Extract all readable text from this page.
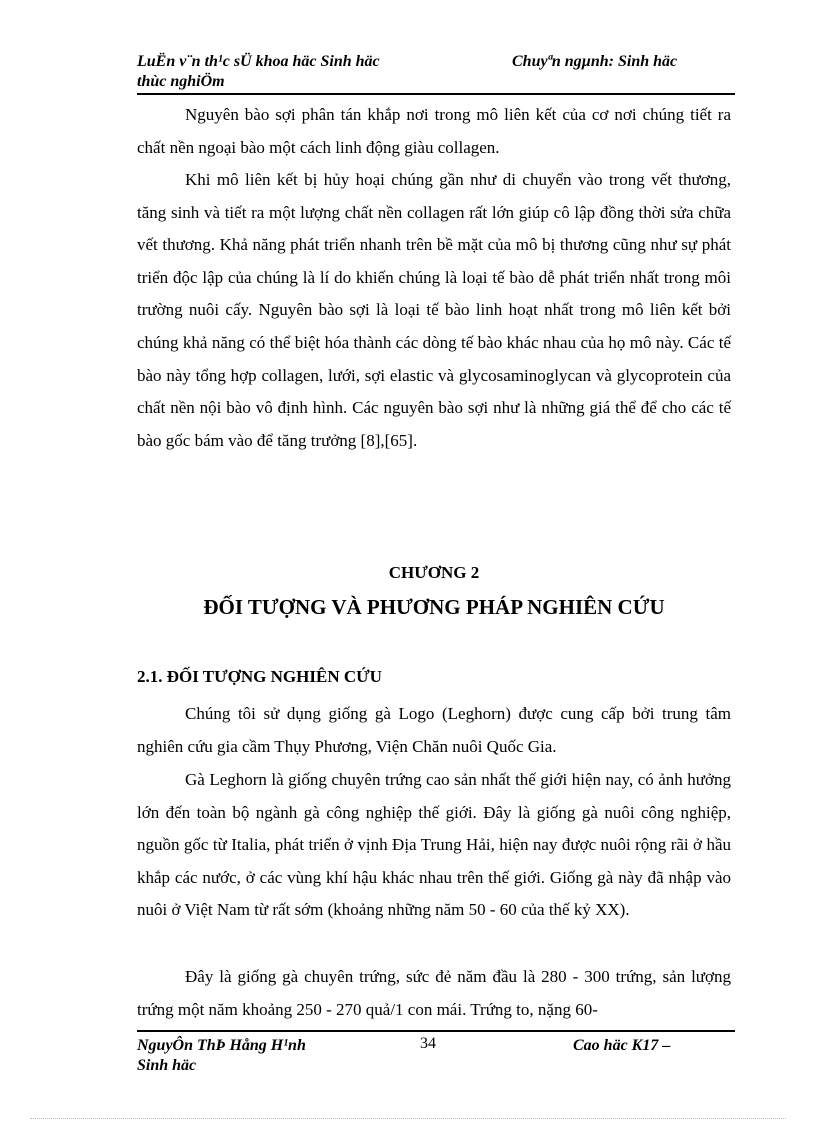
LuËn v¨n th¹c sÜ khoa häc Sinh häc
thùc nghiÖm
Chuyªn ngµnh: Sinh häc

Nguyên bào sợi phân tán khắp nơi trong mô liên kết của cơ nơi chúng tiết ra chất nền ngoại bào một cách linh động giàu collagen.

Khi mô liên kết bị hủy hoại chúng gần như di chuyển vào trong vết thương, tăng sinh và tiết ra một lượng chất nền collagen rất lớn giúp cô lập đồng thời sửa chữa vết thương. Khả năng phát triển nhanh trên bề mặt của mô bị thương cũng như sự phát triển độc lập của chúng là lí do khiến chúng là loại tế bào dễ phát triển nhất trong môi trường nuôi cấy. Nguyên bào sợi là loại tế bào linh hoạt nhất trong mô liên kết bởi chúng khả năng có thể biệt hóa thành các dòng tế bào khác nhau của họ mô này. Các tế bào này tổng hợp collagen, lưới, sợi elastic và glycosaminoglycan và glycoprotein của chất nền nội bào vô định hình. Các nguyên bào sợi như là những giá thể để cho các tế bào gốc bám vào để tăng trưởng [8],[65].

CHƯƠNG 2
ĐỐI TƯỢNG VÀ PHƯƠNG PHÁP NGHIÊN CỨU
2.1. ĐỐI TƯỢNG NGHIÊN CỨU

Chúng tôi sử dụng giống gà Logo (Leghorn) được cung cấp bởi trung tâm nghiên cứu gia cầm Thụy Phương, Viện Chăn nuôi Quốc Gia.

Gà Leghorn là giống chuyên trứng cao sản nhất thế giới hiện nay, có ảnh hưởng lớn đến toàn bộ ngành gà công nghiệp thế giới. Đây là giống gà nuôi công nghiệp, nguồn gốc từ Italia, phát triển ở vịnh Địa Trung Hải, hiện nay được nuôi rộng rãi ở hầu khắp các nước, ở các vùng khí hậu khác nhau trên thế giới. Giống gà này đã nhập vào nuôi ở Việt Nam từ rất sớm (khoảng những năm 50 - 60 của thế kỷ XX).

Đây là giống gà chuyên trứng, sức đẻ năm đầu là 280 - 300 trứng, sản lượng trứng một năm khoảng 250 - 270 quả/1 con mái. Trứng to, nặng 60-

NguyÔn ThÞ Hång H¹nh
Sinh häc
34	Cao häc K17 –
